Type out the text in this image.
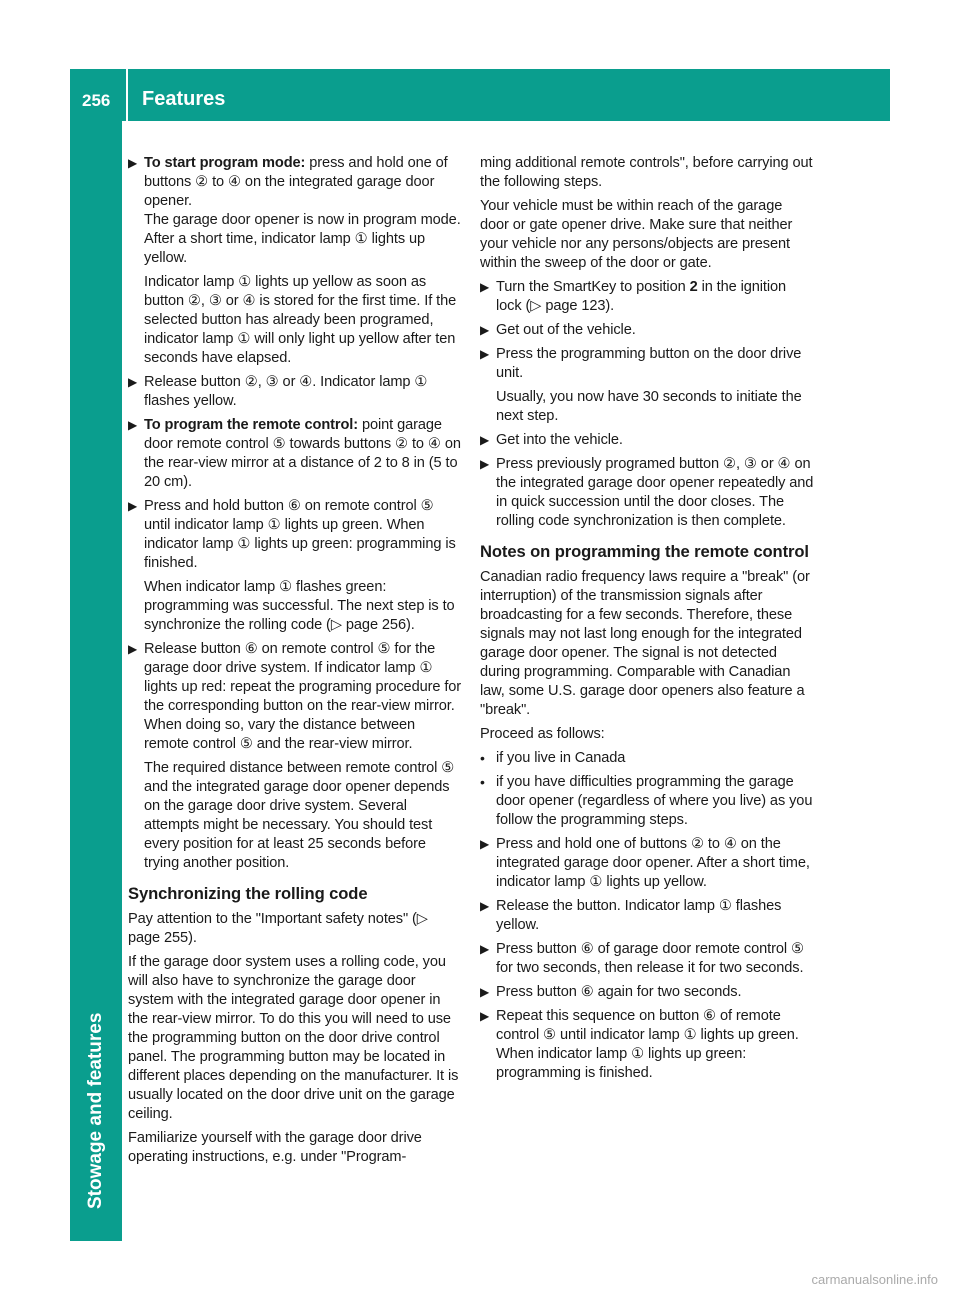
256	Features
Stowage and features
▶ To start program mode: press and hold one of buttons ② to ④ on the integrated garage door opener.
The garage door opener is now in program mode. After a short time, indicator lamp ① lights up yellow.

Indicator lamp ① lights up yellow as soon as button ②, ③ or ④ is stored for the first time. If the selected button has already been programed, indicator lamp ① will only light up yellow after ten seconds have elapsed.

▶ Release button ②, ③ or ④. Indicator lamp ① flashes yellow.
▶ To program the remote control: point garage door remote control ⑤ towards buttons ② to ④ on the rear-view mirror at a distance of 2 to 8 in (5 to 20 cm).
▶ Press and hold button ⑥ on remote control ⑤ until indicator lamp ① lights up green. When indicator lamp ① lights up green: programming is finished.

When indicator lamp ① flashes green: programming was successful. The next step is to synchronize the rolling code (▷ page 256).

▶ Release button ⑥ on remote control ⑤ for the garage door drive system. If indicator lamp ① lights up red: repeat the programing procedure for the corresponding button on the rear-view mirror. When doing so, vary the distance between remote control ⑤ and the rear-view mirror.

The required distance between remote control ⑤ and the integrated garage door opener depends on the garage door drive system. Several attempts might be necessary. You should test every position for at least 25 seconds before trying another position.

Synchronizing the rolling code

Pay attention to the "Important safety notes" (▷ page 255).

If the garage door system uses a rolling code, you will also have to synchronize the garage door system with the integrated garage door opener in the rear-view mirror. To do this you will need to use the programming button on the door drive control panel. The programming button may be located in different places depending on the manufacturer. It is usually located on the door drive unit on the garage ceiling.

Familiarize yourself with the garage door drive operating instructions, e.g. under "Program-

ming additional remote controls", before carrying out the following steps.

Your vehicle must be within reach of the garage door or gate opener drive. Make sure that neither your vehicle nor any persons/objects are present within the sweep of the door or gate.

▶ Turn the SmartKey to position 2 in the ignition lock (▷ page 123).
▶ Get out of the vehicle.
▶ Press the programming button on the door drive unit.

Usually, you now have 30 seconds to initiate the next step.

▶ Get into the vehicle.
▶ Press previously programed button ②, ③ or ④ on the integrated garage door opener repeatedly and in quick succession until the door closes. The rolling code synchronization is then complete.
Notes on programming the remote control

Canadian radio frequency laws require a "break" (or interruption) of the transmission signals after broadcasting for a few seconds. Therefore, these signals may not last long enough for the integrated garage door opener. The signal is not detected during programming. Comparable with Canadian law, some U.S. garage door openers also feature a "break".

Proceed as follows:

• if you live in Canada
• if you have difficulties programming the garage door opener (regardless of where you live) as you follow the programming steps.
▶ Press and hold one of buttons ② to ④ on the integrated garage door opener. After a short time, indicator lamp ① lights up yellow.
▶ Release the button. Indicator lamp ① flashes yellow.
▶ Press button ⑥ of garage door remote control ⑤ for two seconds, then release it for two seconds.
▶ Press button ⑥ again for two seconds.
▶ Repeat this sequence on button ⑥ of remote control ⑤ until indicator lamp ① lights up green. When indicator lamp ① lights up green: programming is finished.
carmanualsonline.info
